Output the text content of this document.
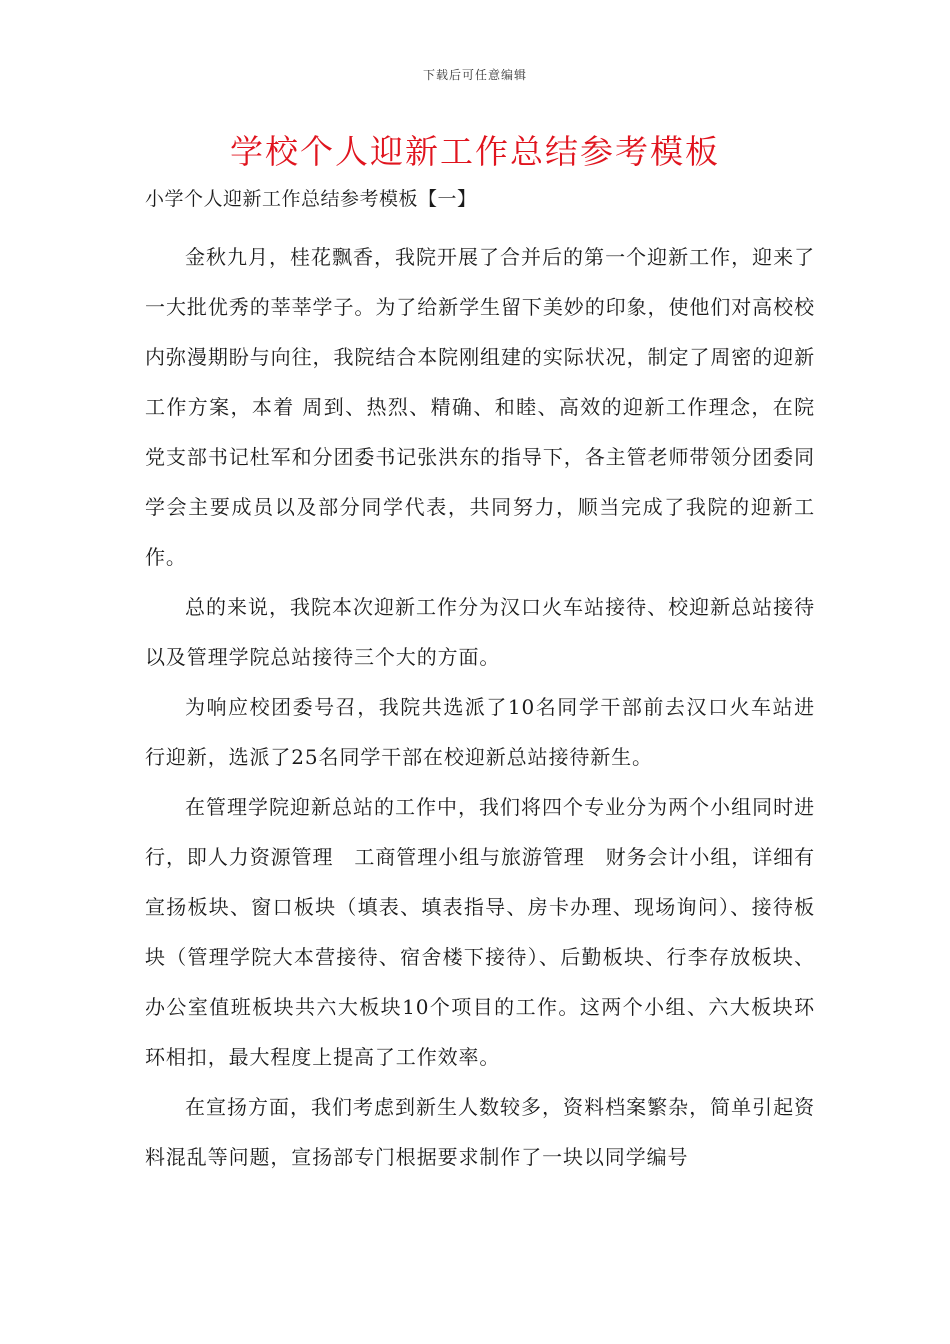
下载后可任意编辑
学校个人迎新工作总结参考模板
小学个人迎新工作总结参考模板【一】

金秋九月，桂花飘香，我院开展了合并后的第一个迎新工作，迎来了一大批优秀的莘莘学子。为了给新学生留下美妙的印象，使他们对高校校内弥漫期盼与向往，我院结合本院刚组建的实际状况，制定了周密的迎新工作方案，本着 周到、热烈、精确、和睦、高效的迎新工作理念，在院党支部书记杜军和分团委书记张洪东的指导下，各主管老师带领分团委同学会主要成员以及部分同学代表，共同努力，顺当完成了我院的迎新工作。

总的来说，我院本次迎新工作分为汉口火车站接待、校迎新总站接待以及管理学院总站接待三个大的方面。

为响应校团委号召，我院共选派了10名同学干部前去汉口火车站进行迎新，选派了25名同学干部在校迎新总站接待新生。

在管理学院迎新总站的工作中，我们将四个专业分为两个小组同时进行，即人力资源管理　工商管理小组与旅游管理　财务会计小组，详细有宣扬板块、窗口板块（填表、填表指导、房卡办理、现场询问）、接待板块（管理学院大本营接待、宿舍楼下接待）、后勤板块、行李存放板块、办公室值班板块共六大板块10个项目的工作。这两个小组、六大板块环环相扣，最大程度上提高了工作效率。

在宣扬方面，我们考虑到新生人数较多，资料档案繁杂，简单引起资料混乱等问题，宣扬部专门根据要求制作了一块以同学编号
